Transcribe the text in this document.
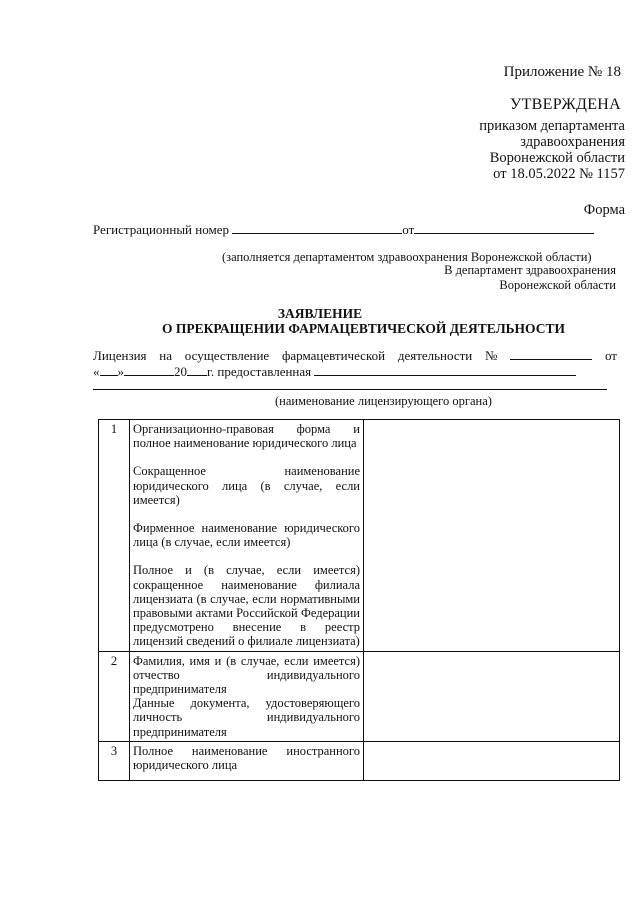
Приложение № 18
УТВЕРЖДЕНА
приказом департамента
здравоохранения
Воронежской области
от 18.05.2022 № 1157
Форма
Регистрационный номер	от
(заполняется департаментом здравоохранения Воронежской области)
В департамент здравоохранения
Воронежской области
ЗАЯВЛЕНИЕ
О ПРЕКРАЩЕНИИ ФАРМАЦЕВТИЧЕСКОЙ ДЕЯТЕЛЬНОСТИ
Лицензия на осуществление фармацевтической деятельности №	от
« »	20 г. предоставленная
(наименование лицензирующего органа)
1	Организационно-правовая форма и полное наименование юридического лица
Сокращенное наименование юридического лица (в случае, если имеется)
Фирменное наименование юридического лица (в случае, если имеется)
Полное и (в случае, если имеется) сокращенное наименование филиала лицензиата (в случае, если нормативными правовыми актами Российской Федерации предусмотрено внесение в реестр лицензий сведений о филиале лицензиата)	

2	Фамилия, имя и (в случае, если имеется) отчество индивидуального предпринимателя
Данные документа, удостоверяющего личность индивидуального предпринимателя	

3	Полное наименование иностранного юридического лица	
